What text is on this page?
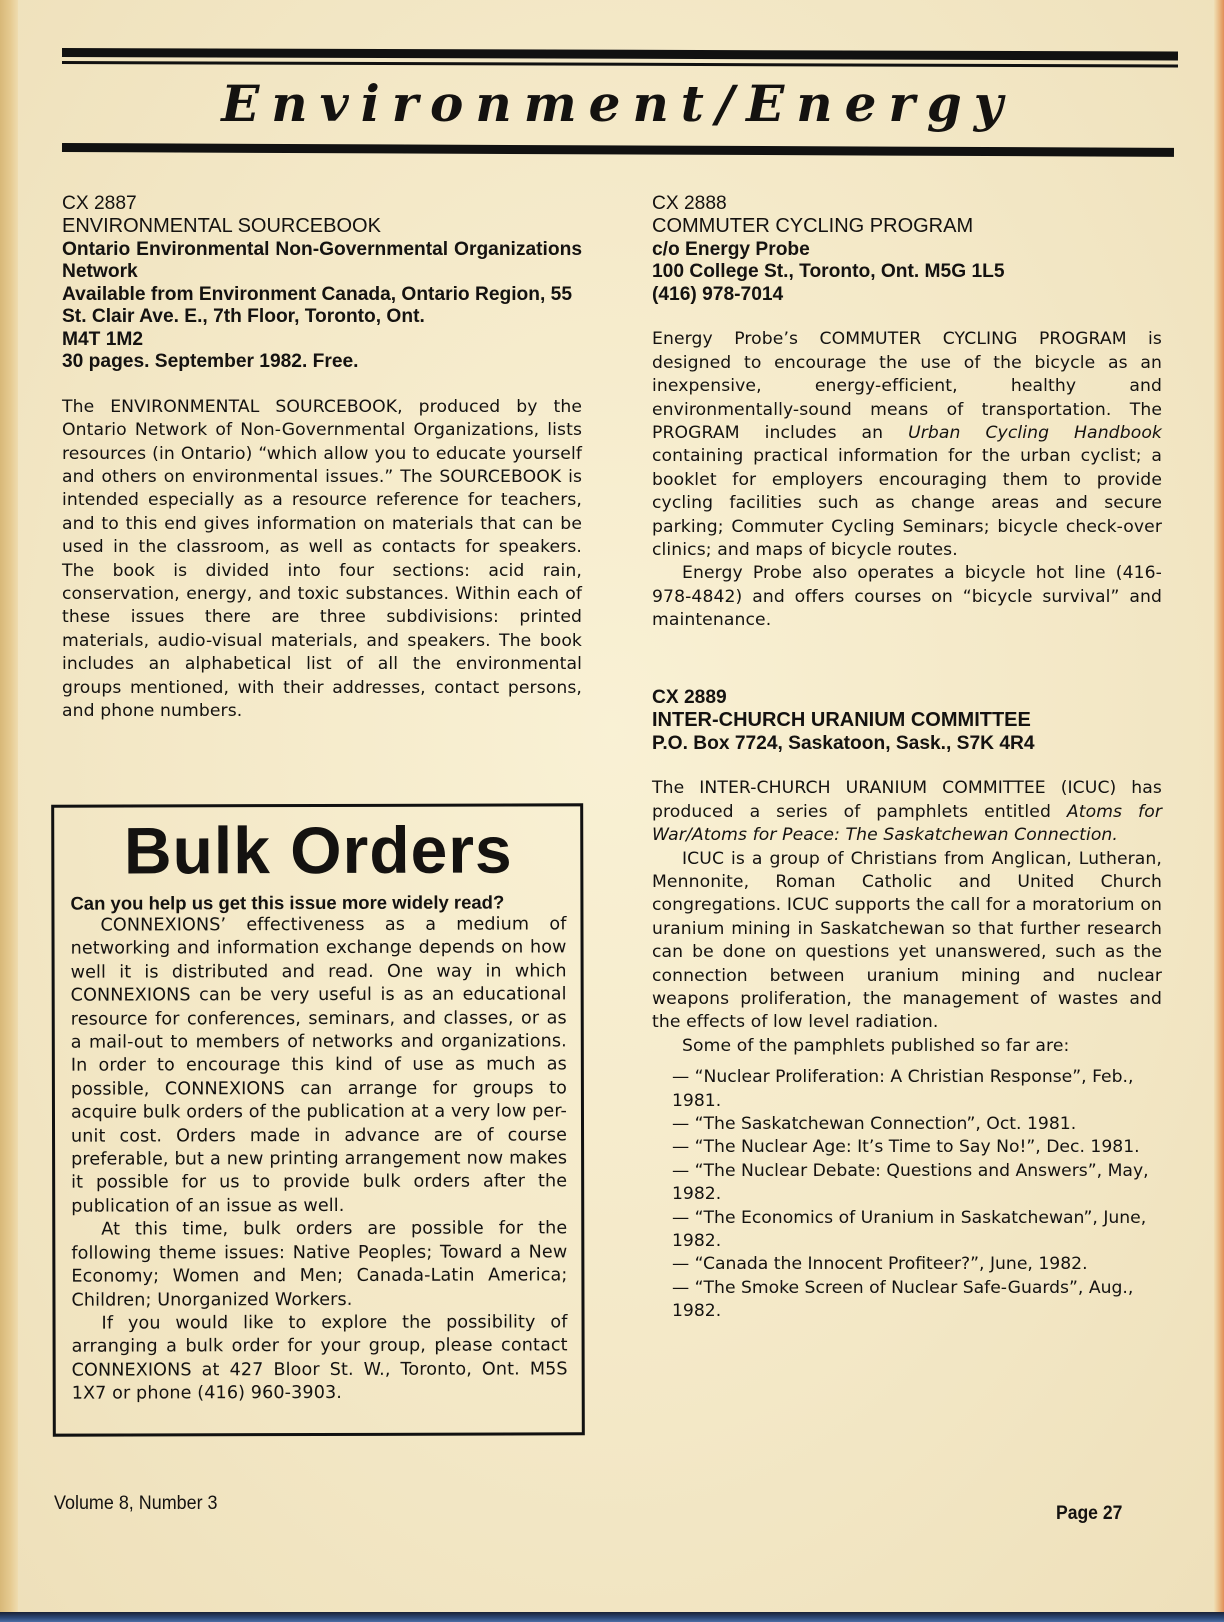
Environment/Energy
CX 2887
ENVIRONMENTAL SOURCEBOOK
Ontario Environmental Non-Governmental Organizations Network
Available from Environment Canada, Ontario Region, 55 St. Clair Ave. E., 7th Floor, Toronto, Ont.
M4T 1M2
30 pages. September 1982. Free.
The ENVIRONMENTAL SOURCEBOOK, produced by the Ontario Network of Non-Governmental Organizations, lists resources (in Ontario) “which allow you to educate yourself and others on environmental issues.” The SOURCEBOOK is intended especially as a resource reference for teachers, and to this end gives information on materials that can be used in the classroom, as well as contacts for speakers. The book is divided into four sections: acid rain, conservation, energy, and toxic substances. Within each of these issues there are three subdivisions: printed materials, audio-visual materials, and speakers. The book includes an alphabetical list of all the environmental groups mentioned, with their addresses, contact persons, and phone numbers.
Bulk Orders
Can you help us get this issue more widely read?
CONNEXIONS’ effectiveness as a medium of networking and information exchange depends on how well it is distributed and read. One way in which CONNEXIONS can be very useful is as an educational resource for conferences, seminars, and classes, or as a mail-out to members of networks and organizations. In order to encourage this kind of use as much as possible, CONNEXIONS can arrange for groups to acquire bulk orders of the publication at a very low per-unit cost. Orders made in advance are of course preferable, but a new printing arrangement now makes it possible for us to provide bulk orders after the publication of an issue as well.
At this time, bulk orders are possible for the following theme issues: Native Peoples; Toward a New Economy; Women and Men; Canada-Latin America; Children; Unorganized Workers.
If you would like to explore the possibility of arranging a bulk order for your group, please contact CONNEXIONS at 427 Bloor St. W., Toronto, Ont. M5S 1X7 or phone (416) 960-3903.
CX 2888
COMMUTER CYCLING PROGRAM
c/o Energy Probe
100 College St., Toronto, Ont. M5G 1L5
(416) 978-7014
Energy Probe’s COMMUTER CYCLING PROGRAM is designed to encourage the use of the bicycle as an inexpensive, energy-efficient, healthy and environmentally-sound means of transportation. The PROGRAM includes an Urban Cycling Handbook containing practical information for the urban cyclist; a booklet for employers encouraging them to provide cycling facilities such as change areas and secure parking; Commuter Cycling Seminars; bicycle check-over clinics; and maps of bicycle routes.
Energy Probe also operates a bicycle hot line (416-978-4842) and offers courses on “bicycle survival” and maintenance.
CX 2889
INTER-CHURCH URANIUM COMMITTEE
P.O. Box 7724, Saskatoon, Sask., S7K 4R4
The INTER-CHURCH URANIUM COMMITTEE (ICUC) has produced a series of pamphlets entitled Atoms for War/Atoms for Peace: The Saskatchewan Connection.
ICUC is a group of Christians from Anglican, Lutheran, Mennonite, Roman Catholic and United Church congregations. ICUC supports the call for a moratorium on uranium mining in Saskatchewan so that further research can be done on questions yet unanswered, such as the connection between uranium mining and nuclear weapons proliferation, the management of wastes and the effects of low level radiation.
Some of the pamphlets published so far are:
— “Nuclear Proliferation: A Christian Response”, Feb., 1981.
— “The Saskatchewan Connection”, Oct. 1981.
— “The Nuclear Age: It’s Time to Say No!”, Dec. 1981.
— “The Nuclear Debate: Questions and Answers”, May, 1982.
— “The Economics of Uranium in Saskatchewan”, June, 1982.
— “Canada the Innocent Profiteer?”, June, 1982.
— “The Smoke Screen of Nuclear Safe-Guards”, Aug., 1982.
Volume 8, Number 3	Page 27
